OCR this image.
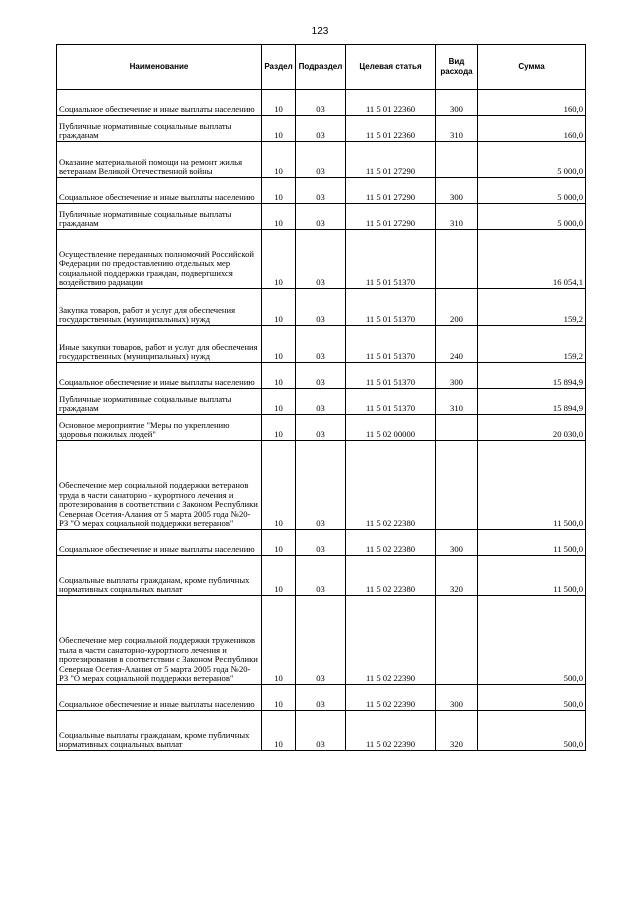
123
Наименование	Раздел	Подраздел	Целевая статья	Вид расхода	Сумма
Социальное обеспечение и иные выплаты населению	10	03	11 5 01 22360	300	160,0
Публичные нормативные социальные выплаты гражданам	10	03	11 5 01 22360	310	160,0
Оказание материальной помощи на ремонт жилья ветеранам Великой Отечественной войны	10	03	11 5 01 27290		5 000,0
Социальное обеспечение и иные выплаты населению	10	03	11 5 01 27290	300	5 000,0
Публичные нормативные социальные выплаты гражданам	10	03	11 5 01 27290	310	5 000,0
Осуществление переданных полномочий Российской Федерации по предоставлению отдельных мер социальной поддержки граждан, подвергшихся воздействию радиации	10	03	11 5 01 51370		16 054,1
Закупка товаров, работ и услуг для обеспечения государственных (муниципальных) нужд	10	03	11 5 01 51370	200	159,2
Иные закупки товаров, работ и услуг для обеспечения государственных (муниципальных) нужд	10	03	11 5 01 51370	240	159,2
Социальное обеспечение и иные выплаты населению	10	03	11 5 01 51370	300	15 894,9
Публичные нормативные социальные выплаты гражданам	10	03	11 5 01 51370	310	15 894,9
Основное мероприятие "Меры по укреплению здоровья пожилых людей"	10	03	11 5 02 00000		20 030,0
Обеспечение мер социальной поддержки ветеранов труда в части санаторно - курортного лечения и протезирования в соответствии с Законом Республики Северная Осетия-Алания от 5 марта 2005 года №20-РЗ "О мерах социальной поддержки ветеранов"	10	03	11 5 02 22380		11 500,0
Социальное обеспечение и иные выплаты населению	10	03	11 5 02 22380	300	11 500,0
Социальные выплаты гражданам, кроме публичных нормативных социальных выплат	10	03	11 5 02 22380	320	11 500,0
Обеспечение мер социальной поддержки тружеников тыла в части санаторно-курортного лечения и протезирования в соответствии с Законом Республики Северная Осетия-Алания от 5 марта 2005 года №20-РЗ "О мерах социальной поддержки ветеранов"	10	03	11 5 02 22390		500,0
Социальное обеспечение и иные выплаты населению	10	03	11 5 02 22390	300	500,0
Социальные выплаты гражданам, кроме публичных нормативных социальных выплат	10	03	11 5 02 22390	320	500,0
